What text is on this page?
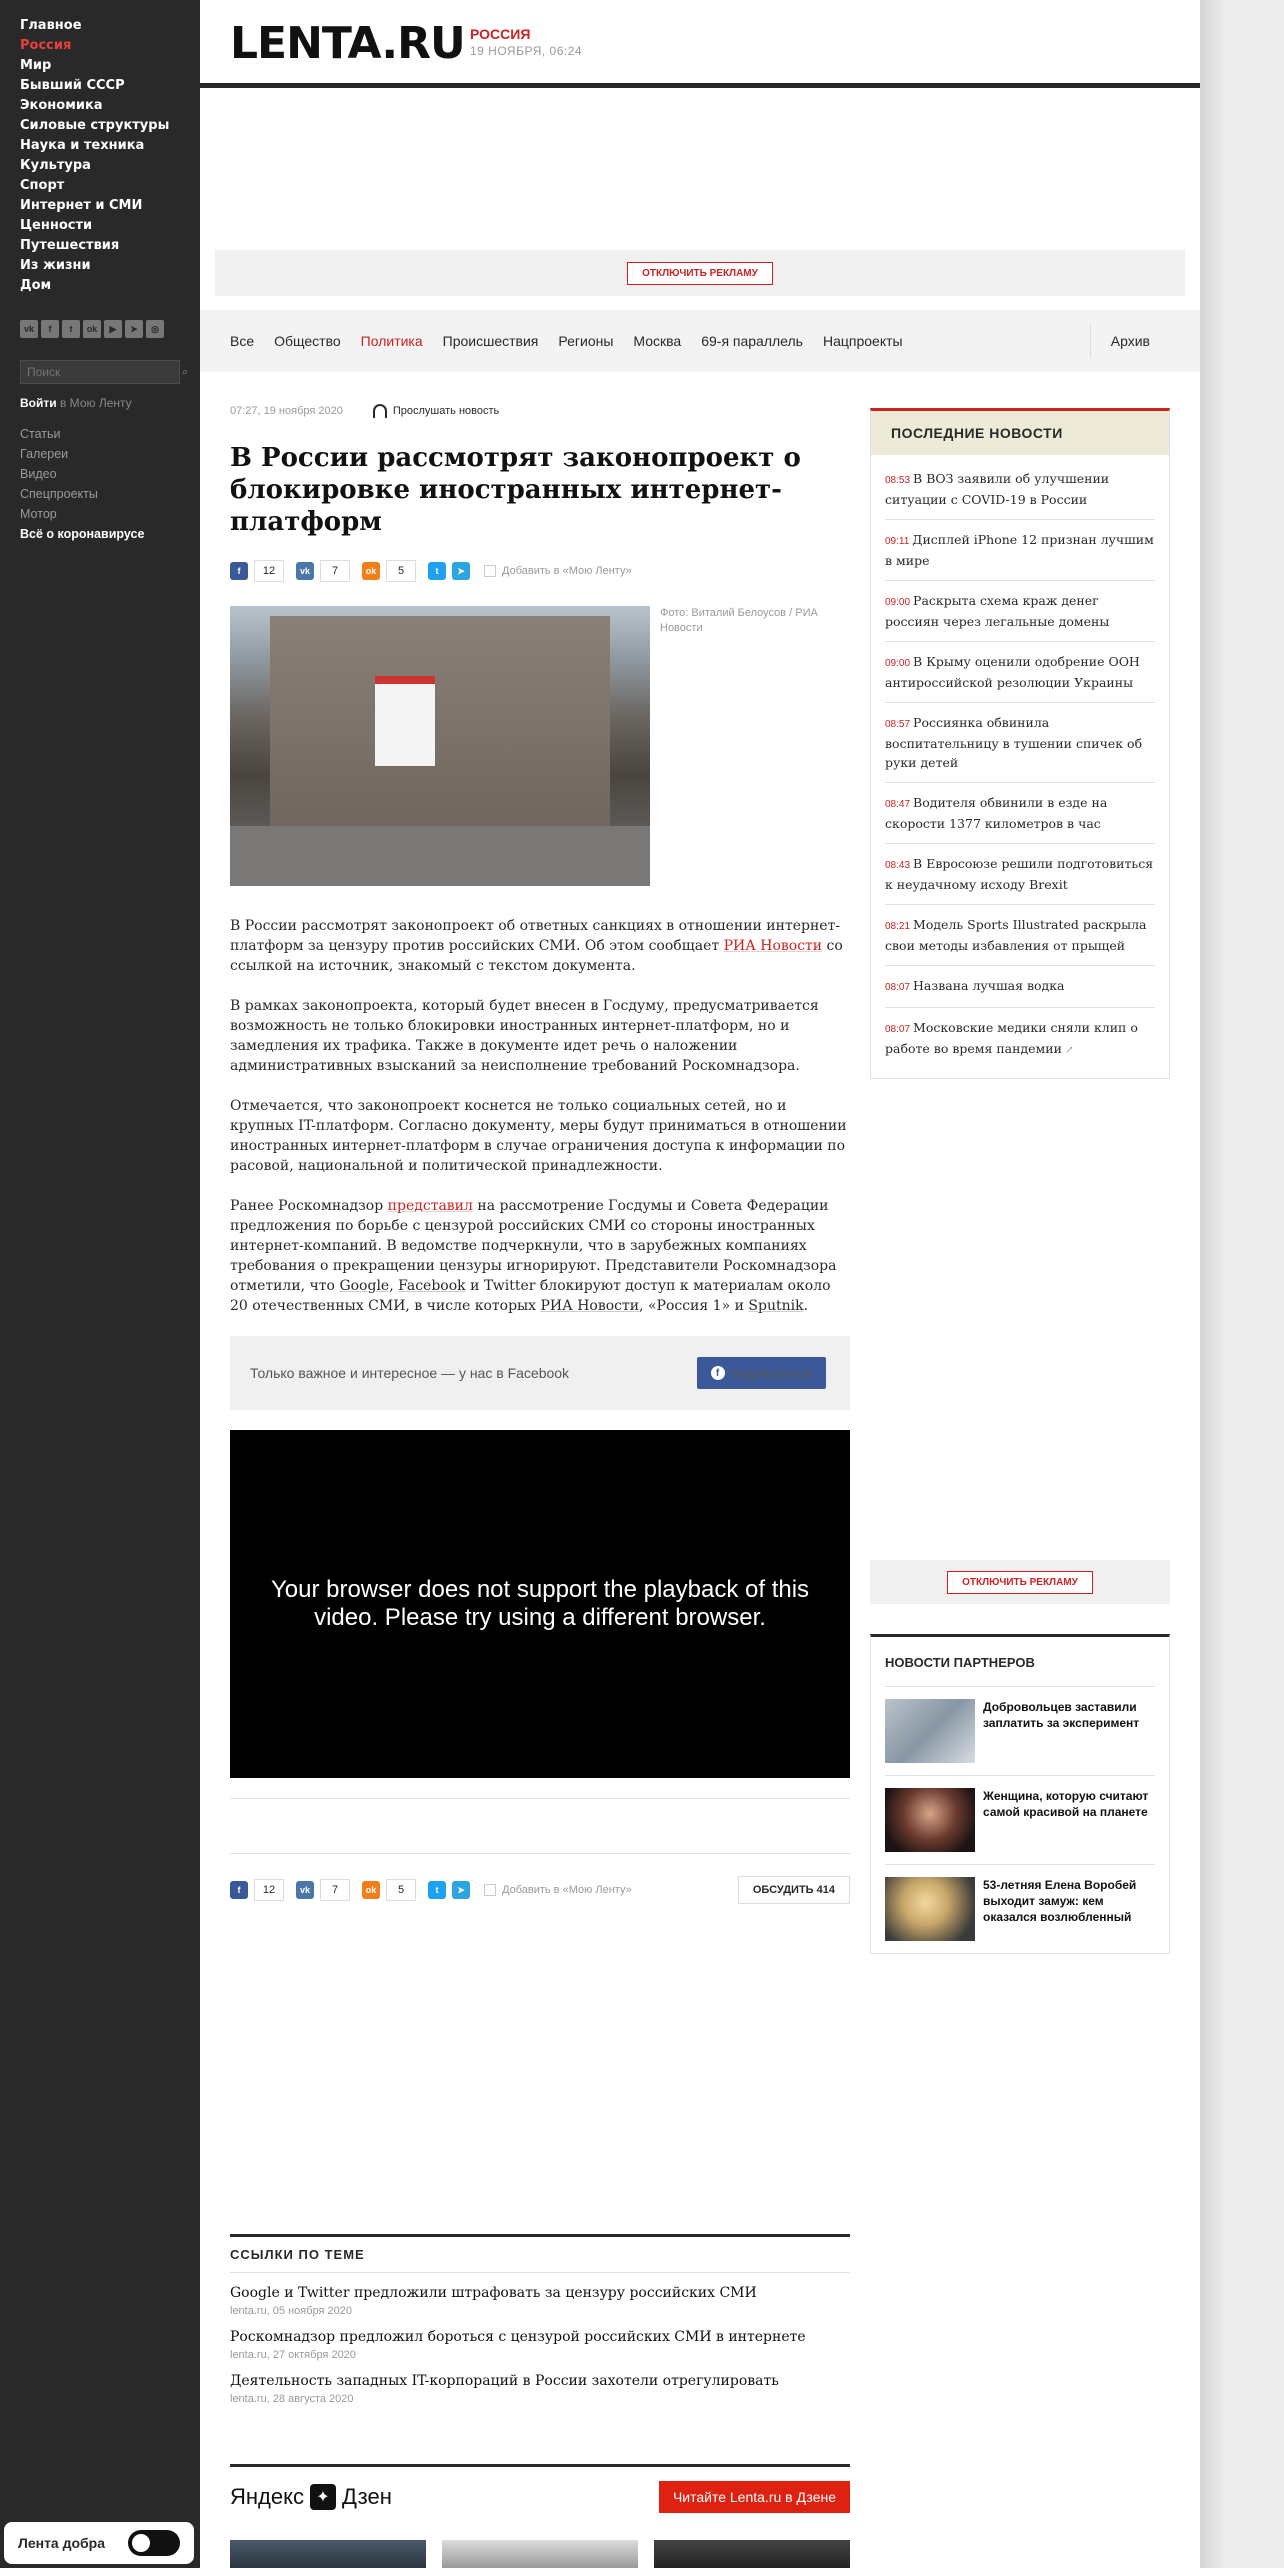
Главное
Россия
Мир
Бывший СССР
Экономика
Силовые структуры
Наука и техника
Культура
Спорт
Интернет и СМИ
Ценности
Путешествия
Из жизни
Дом
vk	f	t	ok	▶	➤	◎
Поиск
⌕
Войти в Мою Ленту
Статьи
Галереи
Видео
Спецпроекты
Мотор
Всё о коронавирусе
Лента добра
LENTA.RU РОССИЯ
19 НОЯБРЯ, 06:24
ОТКЛЮЧИТЬ РЕКЛАМУ
Все Общество Политика Происшествия Регионы Москва 69-я параллель Нацпроекты	Архив
07:27, 19 ноября 2020	Прослушать новость
В России рассмотрят законопроект о блокировке иностранных интернет-платформ
f	12	vk	7	ok	5	t	➤	Добавить в «Мою Ленту»
Фото: Виталий Белоусов / РИА Новости

В России рассмотрят законопроект об ответных санкциях в отношении интернет-платформ за цензуру против российских СМИ. Об этом сообщает РИА Новости со ссылкой на источник, знакомый с текстом документа.

В рамках законопроекта, который будет внесен в Госдуму, предусматривается возможность не только блокировки иностранных интернет-платформ, но и замедления их трафика. Также в документе идет речь о наложении административных взысканий за неисполнение требований Роскомнадзора.

Отмечается, что законопроект коснется не только социальных сетей, но и крупных IT-платформ. Согласно документу, меры будут приниматься в отношении иностранных интернет-платформ в случае ограничения доступа к информации по расовой, национальной и политической принадлежности.

Ранее Роскомнадзор представил на рассмотрение Госдумы и Совета Федерации предложения по борьбе с цензурой российских СМИ со стороны иностранных интернет-компаний. В ведомстве подчеркнули, что в зарубежных компаниях требования о прекращении цензуры игнорируют. Представители Роскомнадзора отметили, что Google, Facebook и Twitter блокируют доступ к материалам около 20 отечественных СМИ, в числе которых РИА Новости, «Россия 1» и Sputnik.

Только важное и интересное — у нас в Facebook	f подписаться
Your browser does not support the playback of this video. Please try using a different browser.
f	12	vk	7	ok	5	t	➤	Добавить в «Мою Ленту»	ОБСУДИТЬ 414
ССЫЛКИ ПО ТЕМЕ
Google и Twitter предложили штрафовать за цензуру российских СМИ
lenta.ru, 05 ноября 2020
Роскомнадзор предложил бороться с цензурой российских СМИ в интернете
lenta.ru, 27 октября 2020
Деятельность западных IT-корпораций в России захотели отрегулировать
lenta.ru, 28 августа 2020
Яндекс ✦ Дзен	Читайте Lenta.ru в Дзене
ПОСЛЕДНИЕ НОВОСТИ
08:53 В ВОЗ заявили об улучшении ситуации с COVID-19 в России
09:11 Дисплей iPhone 12 признан лучшим в мире
09:00 Раскрыта схема краж денег россиян через легальные домены
09:00 В Крыму оценили одобрение ООН антироссийской резолюции Украины
08:57 Россиянка обвинила воспитательницу в тушении спичек об руки детей
08:47 Водителя обвинили в езде на скорости 1377 километров в час
08:43 В Евросоюзе решили подготовиться к неудачному исходу Brexit
08:21 Модель Sports Illustrated раскрыла свои методы избавления от прыщей
08:07 Названа лучшая водка
08:07 Московские медики сняли клип о работе во время пандемии ↗
ОТКЛЮЧИТЬ РЕКЛАМУ
НОВОСТИ ПАРТНЕРОВ
Добровольцев заставили заплатить за эксперимент
Женщина, которую считают самой красивой на планете
53-летняя Елена Воробей выходит замуж: кем оказался возлюбленный
